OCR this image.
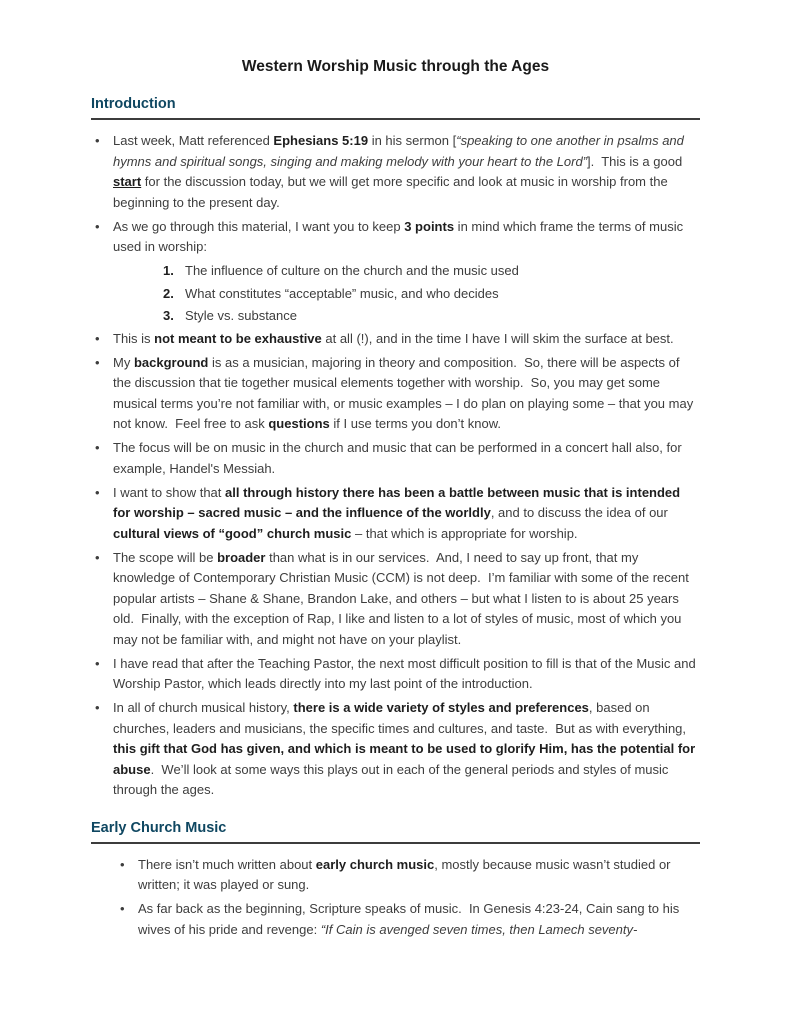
Western Worship Music through the Ages
Introduction
•	Last week, Matt referenced Ephesians 5:19 in his sermon [“speaking to one another in psalms and hymns and spiritual songs, singing and making melody with your heart to the Lord”].  This is a good start for the discussion today, but we will get more specific and look at music in worship from the beginning to the present day.
•	As we go through this material, I want you to keep 3 points in mind which frame the terms of music used in worship:
1. The influence of culture on the church and the music used
2. What constitutes “acceptable” music, and who decides
3. Style vs. substance
•	This is not meant to be exhaustive at all (!), and in the time I have I will skim the surface at best.
•	My background is as a musician, majoring in theory and composition.  So, there will be aspects of the discussion that tie together musical elements together with worship.  So, you may get some musical terms you’re not familiar with, or music examples – I do plan on playing some – that you may not know.  Feel free to ask questions if I use terms you don’t know.
•	The focus will be on music in the church and music that can be performed in a concert hall also, for example, Handel's Messiah.
•	I want to show that all through history there has been a battle between music that is intended for worship – sacred music – and the influence of the worldly, and to discuss the idea of our cultural views of “good” church music – that which is appropriate for worship.
•	The scope will be broader than what is in our services.  And, I need to say up front, that my knowledge of Contemporary Christian Music (CCM) is not deep.  I’m familiar with some of the recent popular artists – Shane & Shane, Brandon Lake, and others – but what I listen to is about 25 years old.  Finally, with the exception of Rap, I like and listen to a lot of styles of music, most of which you may not be familiar with, and might not have on your playlist.
•	I have read that after the Teaching Pastor, the next most difficult position to fill is that of the Music and Worship Pastor, which leads directly into my last point of the introduction.
•	In all of church musical history, there is a wide variety of styles and preferences, based on churches, leaders and musicians, the specific times and cultures, and taste.  But as with everything, this gift that God has given, and which is meant to be used to glorify Him, has the potential for abuse.  We’ll look at some ways this plays out in each of the general periods and styles of music through the ages.
Early Church Music
•	There isn’t much written about early church music, mostly because music wasn’t studied or written; it was played or sung.
•	As far back as the beginning, Scripture speaks of music.  In Genesis 4:23-24, Cain sang to his wives of his pride and revenge: “If Cain is avenged seven times, then Lamech seventy-
